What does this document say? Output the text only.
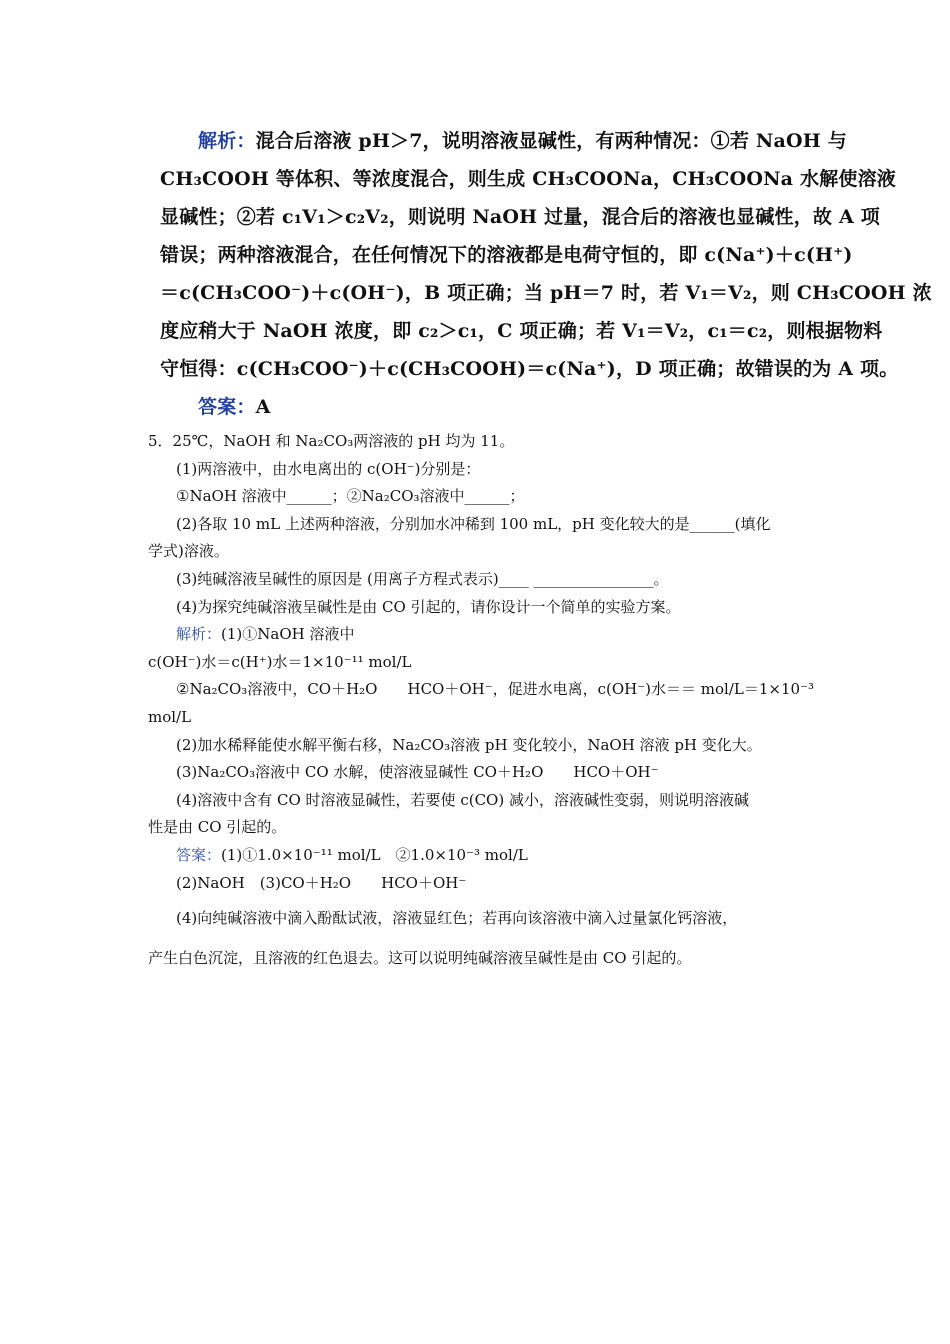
解析：混合后溶液 pH＞7，说明溶液显碱性，有两种情况：①若 NaOH 与
CH₃COOH 等体积、等浓度混合，则生成 CH₃COONa，CH₃COONa 水解使溶液
显碱性；②若 c₁V₁＞c₂V₂，则说明 NaOH 过量，混合后的溶液也显碱性，故 A 项
错误；两种溶液混合，在任何情况下的溶液都是电荷守恒的，即 c(Na⁺)＋c(H⁺)
＝c(CH₃COO⁻)＋c(OH⁻)，B 项正确；当 pH＝7 时，若 V₁＝V₂，则 CH₃COOH 浓
度应稍大于 NaOH 浓度，即 c₂＞c₁，C 项正确；若 V₁＝V₂，c₁＝c₂，则根据物料
守恒得：c(CH₃COO⁻)＋c(CH₃COOH)＝c(Na⁺)，D 项正确；故错误的为 A 项。
答案：A
5．25℃，NaOH 和 Na₂CO₃两溶液的 pH 均为 11。
(1)两溶液中，由水电离出的 c(OH⁻)分别是：
①NaOH 溶液中______；②Na₂CO₃溶液中______；
(2)各取 10 mL 上述两种溶液，分别加水冲稀到 100 mL，pH 变化较大的是______(填化
学式)溶液。
(3)纯碱溶液呈碱性的原因是 (用离子方程式表示)____ ________________。
(4)为探究纯碱溶液呈碱性是由 CO 引起的，请你设计一个简单的实验方案。
解析：(1)①NaOH 溶液中
c(OH⁻)水＝c(H⁺)水＝1×10⁻¹¹ mol/L
②Na₂CO₃溶液中，CO＋H₂O　　HCO＋OH⁻，促进水电离，c(OH⁻)水＝＝ mol/L＝1×10⁻³
mol/L
(2)加水稀释能使水解平衡右移，Na₂CO₃溶液 pH 变化较小，NaOH 溶液 pH 变化大。
(3)Na₂CO₃溶液中 CO 水解，使溶液显碱性 CO＋H₂O　　HCO＋OH⁻
(4)溶液中含有 CO 时溶液显碱性，若要使 c(CO) 减小，溶液碱性变弱，则说明溶液碱
性是由 CO 引起的。
答案：(1)①1.0×10⁻¹¹ mol/L　②1.0×10⁻³ mol/L
(2)NaOH　(3)CO＋H₂O　　HCO＋OH⁻
(4)向纯碱溶液中滴入酚酞试液，溶液显红色；若再向该溶液中滴入过量氯化钙溶液，
产生白色沉淀，且溶液的红色退去。这可以说明纯碱溶液呈碱性是由 CO 引起的。
